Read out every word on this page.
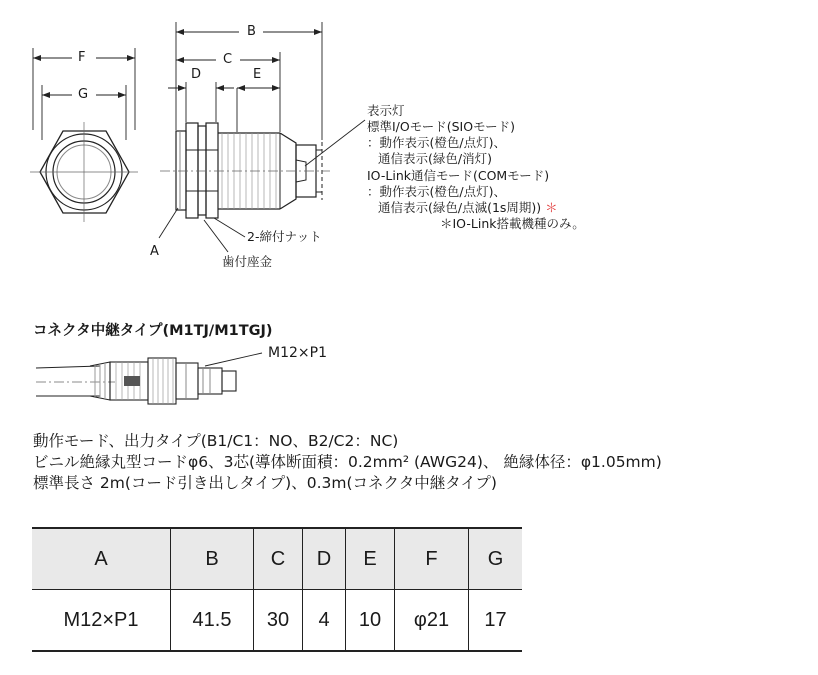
B
C
F
G
D	E
A
2-締付ナット
歯付座金
表示灯
標準I/Oモード(SIOモード)
：動作表示(橙色/点灯)、
通信表示(緑色/消灯)
IO-Link通信モード(COMモード)
：動作表示(橙色/点灯)、
通信表示(緑色/点滅(1s周期)) ＊
＊IO-Link搭載機種のみ。
コネクタ中継タイプ(M1TJ/M1TGJ)
M12×P1
動作モード、出力タイプ(B1/C1：NO、B2/C2：NC)
ビニル絶縁丸型コードφ6、3芯(導体断面積：0.2mm² (AWG24)、 絶縁体径：φ1.05mm)
標準長さ 2m(コード引き出しタイプ)、0.3m(コネクタ中継タイプ)
A	B	C	D	E	F	G
M12×P1	41.5	30	4	10	φ21	17
